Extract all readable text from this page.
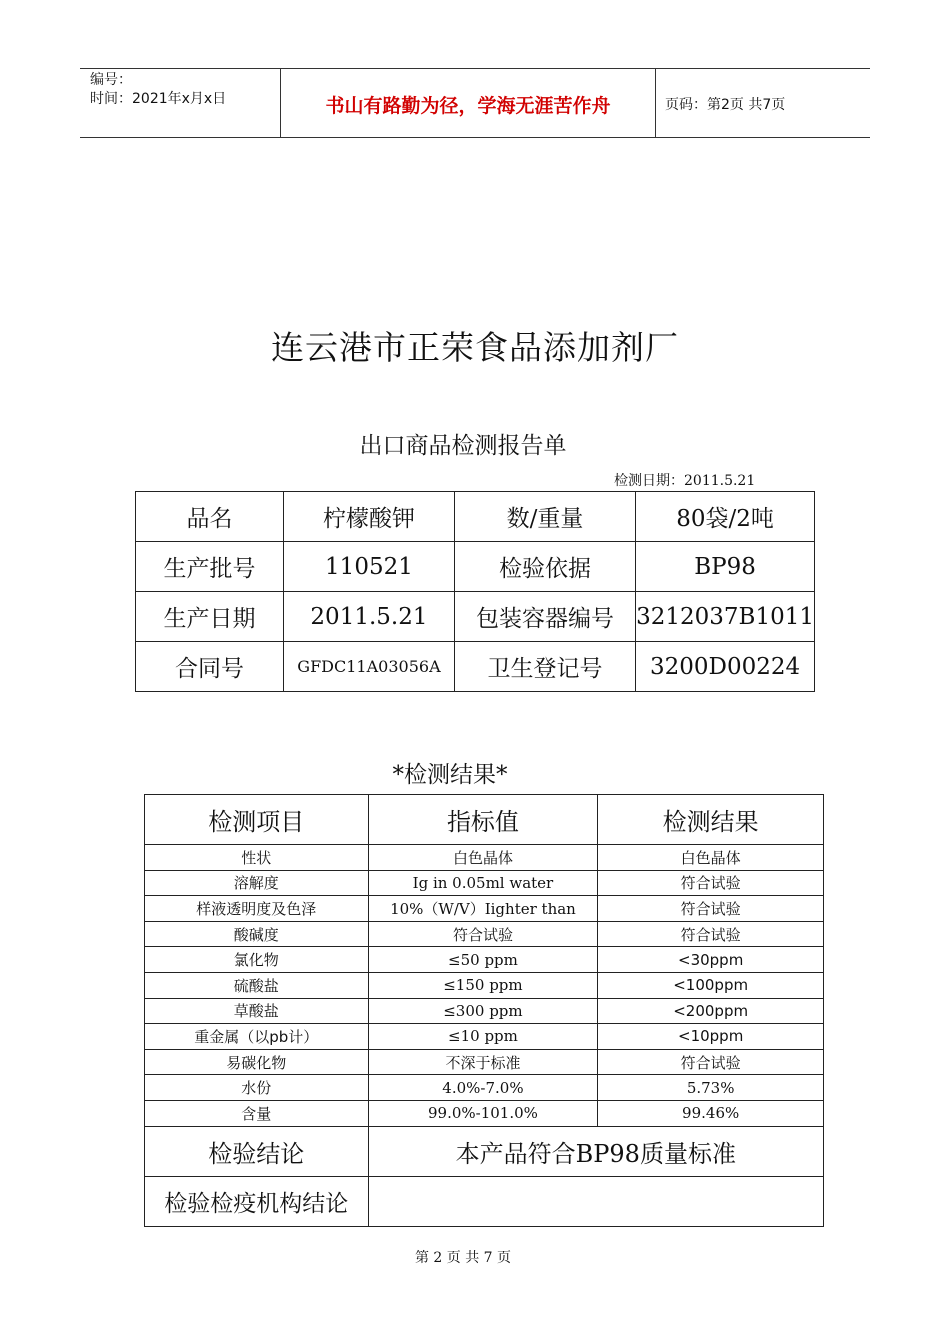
编号：
时间：2021年x月x日	书山有路勤为径，学海无涯苦作舟	页码：第2页 共7页
连云港市正荣食品添加剂厂
出口商品检测报告单
检测日期：2011.5.21
品名	柠檬酸钾	数/重量	80袋/2吨
生产批号	110521	检验依据	BP98
生产日期	2011.5.21	包装容器编号	3212037B1011
合同号	GFDC11A03056A	卫生登记号	3200D00224
*检测结果*
检测项目	指标值	检测结果
性状	白色晶体	白色晶体
溶解度	Ig in 0.05ml water	符合试验
样液透明度及色泽	10%（W/V）Iighter than	符合试验
酸碱度	符合试验	符合试验
氯化物	≤50 ppm	<30ppm
硫酸盐	≤150 ppm	<100ppm
草酸盐	≤300 ppm	<200ppm
重金属（以pb计）	≤10 ppm	<10ppm
易碳化物	不深于标准	符合试验
水份	4.0%-7.0%	5.73%
含量	99.0%-101.0%	99.46%
检验结论	本产品符合BP98质量标准	
检验检疫机构结论		
第 2 页 共 7 页
